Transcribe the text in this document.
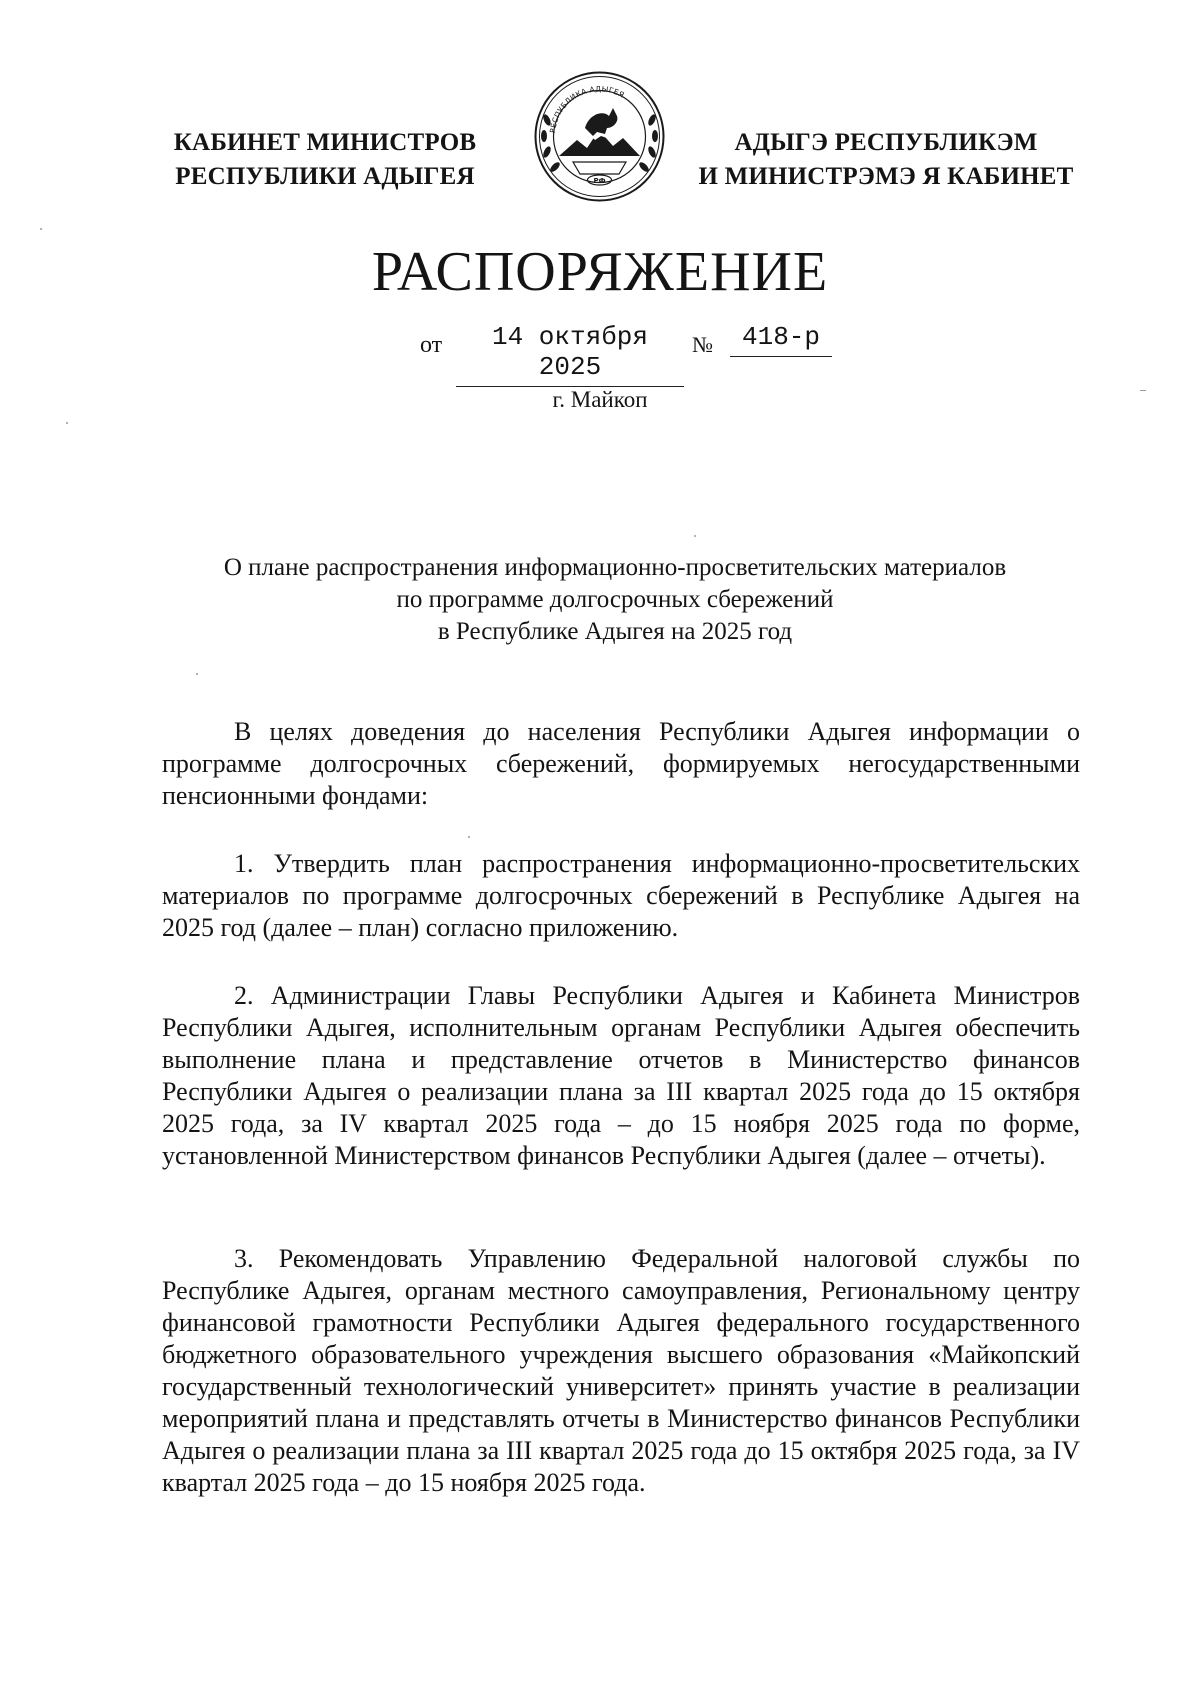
КАБИНЕТ МИНИСТРОВ
РЕСПУБЛИКИ АДЫГЕЯ
АДЫГЭ РЕСПУБЛИКЭМ
И МИНИСТРЭМЭ Я КАБИНЕТ
РЕСПУБЛИКА АДЫГЕЯ
РФ
РАСПОРЯЖЕНИЕ
от	14 октября 2025
№	418-р
г. Майкоп
О плане распространения информационно-просветительских материалов
по программе долгосрочных сбережений
в Республике Адыгея на 2025 год

В целях доведения до населения Республики Адыгея информации о программе долгосрочных сбережений, формируемых негосударственными пенсионными фондами:

1. Утвердить план распространения информационно-просветительских материалов по программе долгосрочных сбережений в Республике Адыгея на 2025 год (далее – план) согласно приложению.

2. Администрации Главы Республики Адыгея и Кабинета Министров Республики Адыгея, исполнительным органам Республики Адыгея обеспечить выполнение плана и представление отчетов в Министерство финансов Республики Адыгея о реализации плана за III квартал 2025 года до 15 октября 2025 года, за IV квартал 2025 года – до 15 ноября 2025 года по форме, установленной Министерством финансов Республики Адыгея (далее – отчеты).

3. Рекомендовать Управлению Федеральной налоговой службы по Республике Адыгея, органам местного самоуправления, Региональному центру финансовой грамотности Республики Адыгея федерального государственного бюджетного образовательного учреждения высшего образования «Майкопский государственный технологический университет» принять участие в реализации мероприятий плана и представлять отчеты в Министерство финансов Республики Адыгея о реализации плана за III квартал 2025 года до 15 октября 2025 года, за IV квартал 2025 года – до 15 ноября 2025 года.
